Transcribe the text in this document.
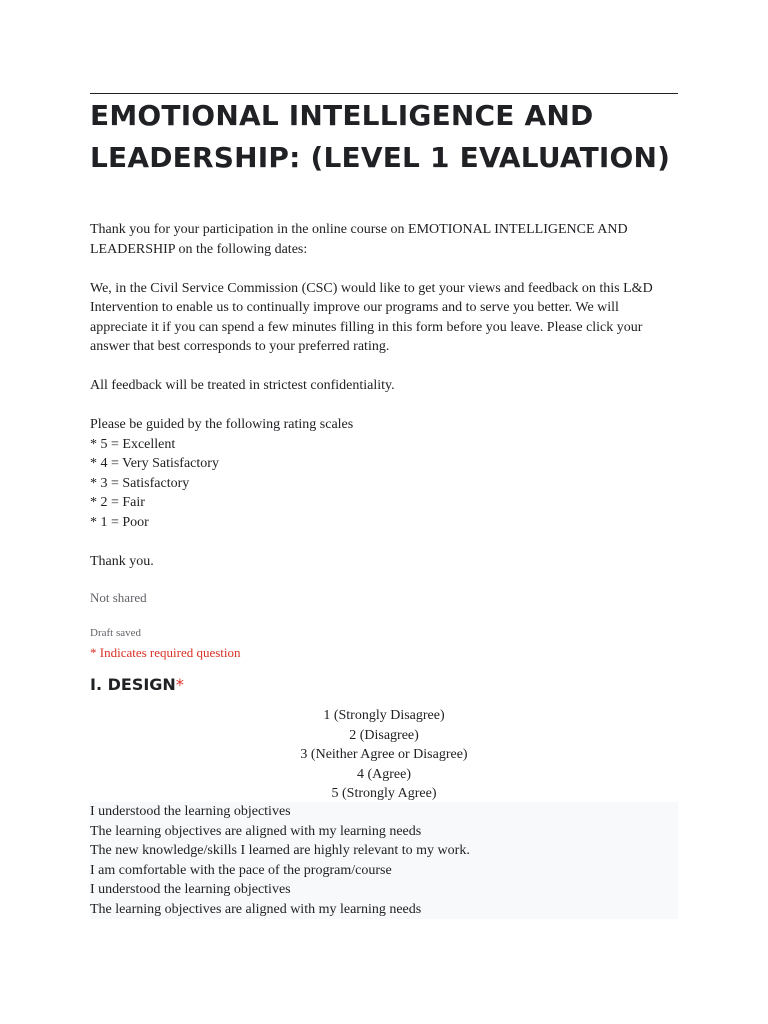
EMOTIONAL INTELLIGENCE AND LEADERSHIP: (LEVEL 1 EVALUATION)

Thank you for your participation in the online course on EMOTIONAL INTELLIGENCE AND LEADERSHIP on the following dates:

We, in the Civil Service Commission (CSC) would like to get your views and feedback on this L&D Intervention to enable us to continually improve our programs and to serve you better. We will appreciate it if you can spend a few minutes filling in this form before you leave. Please click your answer that best corresponds to your preferred rating.

All feedback will be treated in strictest confidentiality.

Please be guided by the following rating scales

* 5 = Excellent

* 4 = Very Satisfactory

* 3 = Satisfactory

* 2 = Fair

* 1 = Poor

Thank you.

Not shared
Draft saved
* Indicates required question
I. DESIGN*
1 (Strongly Disagree)
2 (Disagree)
3 (Neither Agree or Disagree)
4 (Agree)
5 (Strongly Agree)
I understood the learning objectives
The learning objectives are aligned with my learning needs
The new knowledge/skills I learned are highly relevant to my work.
I am comfortable with the pace of the program/course
I understood the learning objectives
The learning objectives are aligned with my learning needs
